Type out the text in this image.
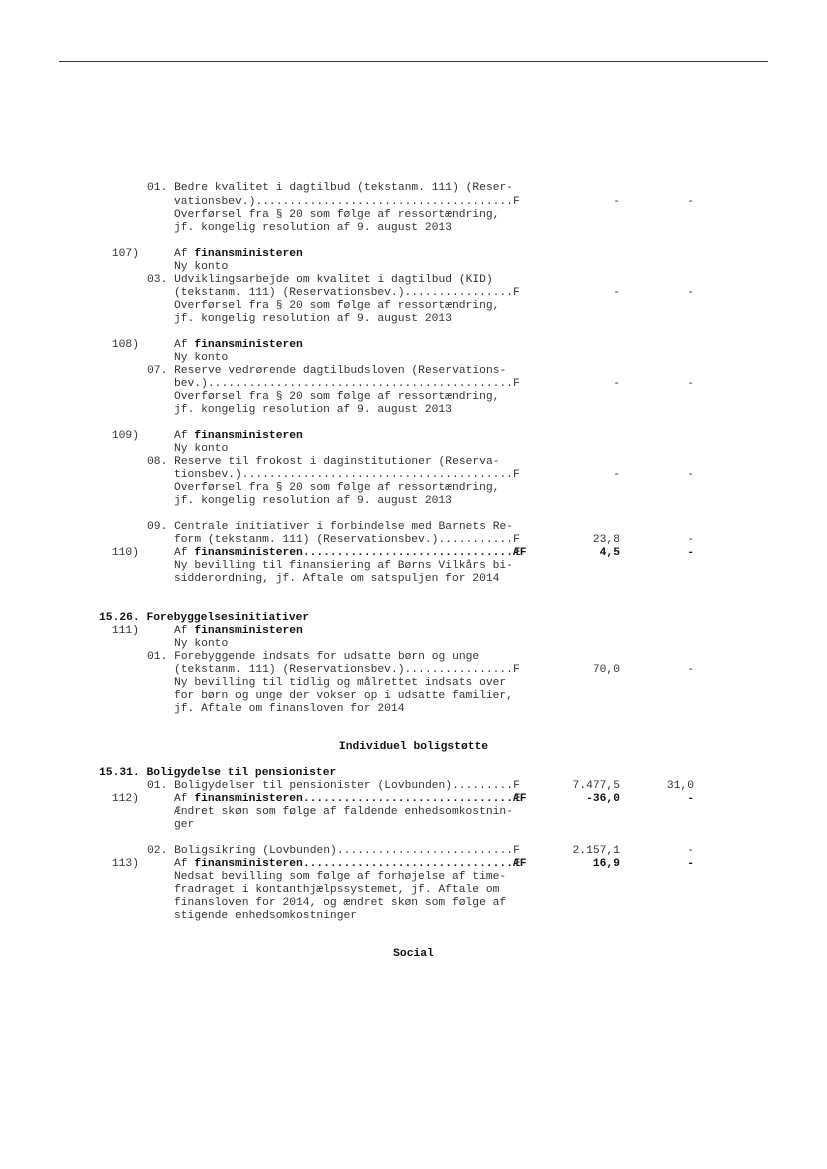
01. Bedre kvalitet i dagtilbud (tekstanm. 111) (Reser-
vationsbev.)......................................F	-	-
Overførsel fra § 20 som følge af ressortændring,
jf. kongelig resolution af 9. august 2013
107)	Af finansministeren
Ny konto
03. Udviklingsarbejde om kvalitet i dagtilbud (KID)
(tekstanm. 111) (Reservationsbev.)................F	-	-
Overførsel fra § 20 som følge af ressortændring,
jf. kongelig resolution af 9. august 2013
108)	Af finansministeren
Ny konto
07. Reserve vedrørende dagtilbudsloven (Reservations-
bev.).............................................F	-	-
Overførsel fra § 20 som følge af ressortændring,
jf. kongelig resolution af 9. august 2013
109)	Af finansministeren
Ny konto
08. Reserve til frokost i daginstitutioner (Reserva-
tionsbev.)........................................F	-	-
Overførsel fra § 20 som følge af ressortændring,
jf. kongelig resolution af 9. august 2013
09. Centrale initiativer i forbindelse med Barnets Re-
form (tekstanm. 111) (Reservationsbev.)...........F	23,8	-
110)	Af finansministeren...............................ÆF	4,5	-
Ny bevilling til finansiering af Børns Vilkårs bi-
sidderordning, jf. Aftale om satspuljen for 2014
15.26. Forebyggelsesinitiativer
111)	Af finansministeren
Ny konto
01. Forebyggende indsats for udsatte børn og unge
(tekstanm. 111) (Reservationsbev.)................F	70,0	-
Ny bevilling til tidlig og målrettet indsats over
for børn og unge der vokser op i udsatte familier,
jf. Aftale om finansloven for 2014
Individuel boligstøtte
15.31. Boligydelse til pensionister
01. Boligydelser til pensionister (Lovbunden).........F	7.477,5	31,0
112)	Af finansministeren...............................ÆF	-36,0	-
Ændret skøn som følge af faldende enhedsomkostnin-
ger
02. Boligsikring (Lovbunden)..........................F	2.157,1	-
113)	Af finansministeren...............................ÆF	16,9	-
Nedsat bevilling som følge af forhøjelse af time-
fradraget i kontanthjælpssystemet, jf. Aftale om
finansloven for 2014, og ændret skøn som følge af
stigende enhedsomkostninger
Social
